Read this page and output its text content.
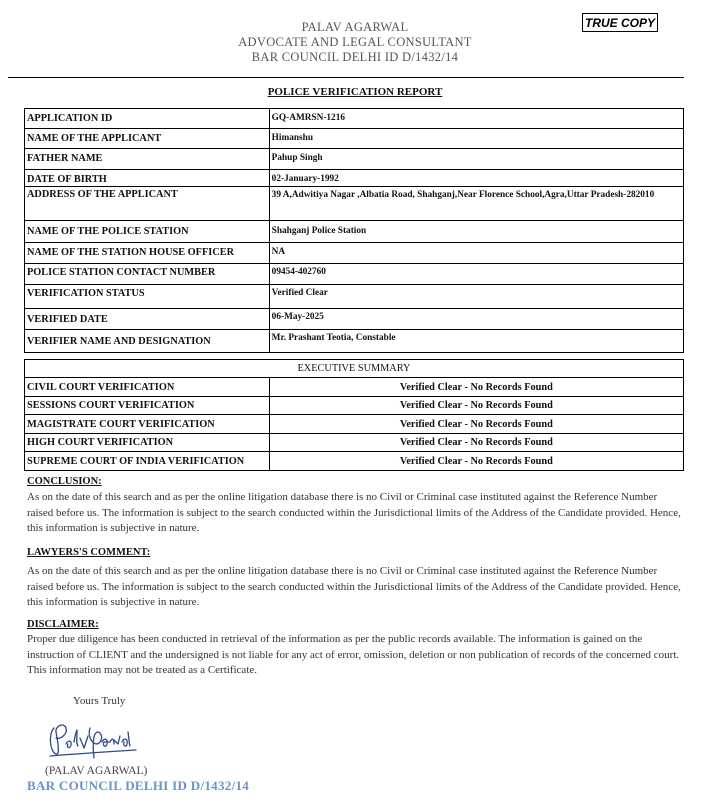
PALAV AGARWAL
ADVOCATE AND LEGAL CONSULTANT
BAR COUNCIL DELHI ID D/1432/14
TRUE COPY
POLICE VERIFICATION REPORT
APPLICATION ID	GQ-AMRSN-1216
NAME OF THE APPLICANT	Himanshu
FATHER NAME	Pahup Singh
DATE OF BIRTH	02-January-1992
ADDRESS OF THE APPLICANT	39 A,Adwitiya Nagar ,Albatia Road, Shahganj,Near Florence School,Agra,Uttar Pradesh-282010
NAME OF THE POLICE STATION	Shahganj Police Station
NAME OF THE STATION HOUSE OFFICER	NA
POLICE STATION CONTACT NUMBER	09454-402760
VERIFICATION STATUS	Verified Clear
VERIFIED DATE	06-May-2025
VERIFIER NAME AND DESIGNATION	Mr. Prashant Teotia, Constable
EXECUTIVE SUMMARY	
CIVIL COURT VERIFICATION	Verified Clear - No Records Found
SESSIONS COURT VERIFICATION	Verified Clear - No Records Found
MAGISTRATE COURT VERIFICATION	Verified Clear - No Records Found
HIGH COURT VERIFICATION	Verified Clear - No Records Found
SUPREME COURT OF INDIA VERIFICATION	Verified Clear - No Records Found
CONCLUSION:
As on the date of this search and as per the online litigation database there is no Civil or Criminal case instituted against the Reference Number raised before us. The information is subject to the search conducted within the Jurisdictional limits of the Address of the Candidate provided. Hence, this information is subjective in nature.
LAWYERS'S COMMENT:
As on the date of this search and as per the online litigation database there is no Civil or Criminal case instituted against the Reference Number raised before us. The information is subject to the search conducted within the Jurisdictional limits of the Address of the Candidate provided. Hence, this information is subjective in nature.
DISCLAIMER:
Proper due diligence has been conducted in retrieval of the information as per the public records available. The information is gained on the instruction of CLIENT and the undersigned is not liable for any act of error, omission, deletion or non publication of records of the concerned court. This information may not be treated as a Certificate.
Yours Truly
(PALAV AGARWAL)
BAR COUNCIL DELHI ID D/1432/14
